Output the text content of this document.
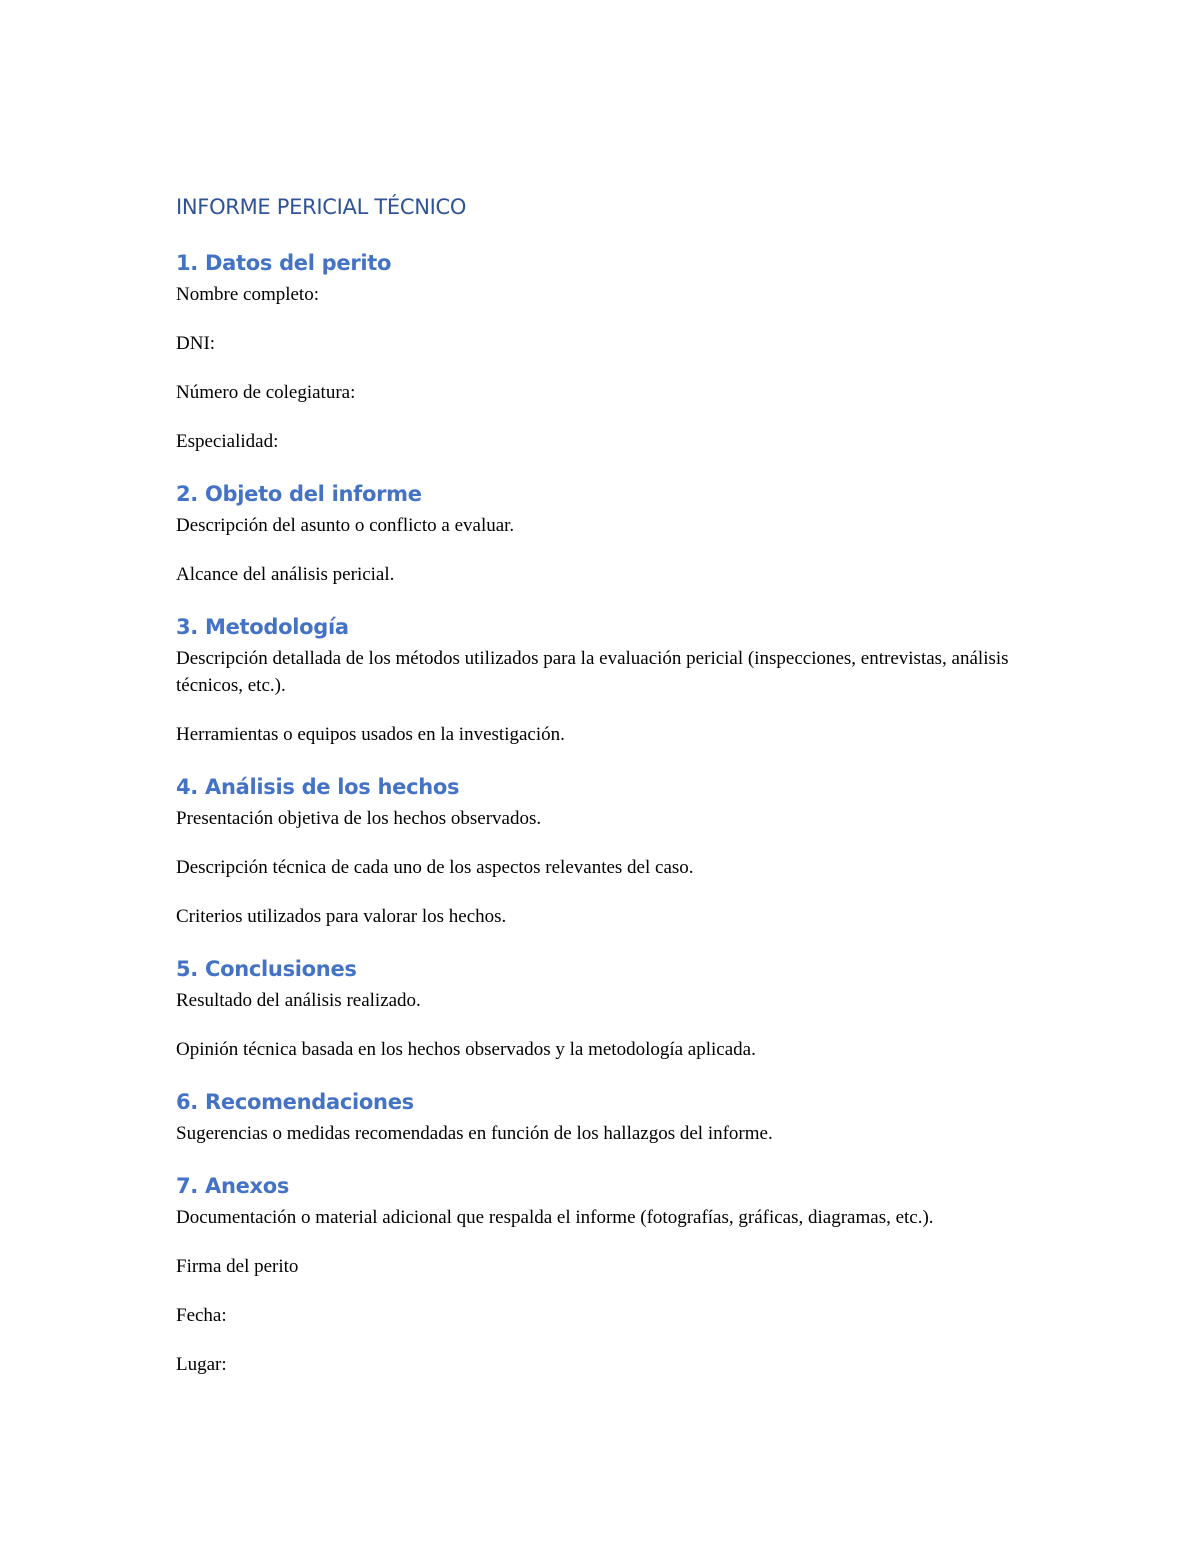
INFORME PERICIAL TÉCNICO
1. Datos del perito

Nombre completo:

DNI:

Número de colegiatura:

Especialidad:

2. Objeto del informe

Descripción del asunto o conflicto a evaluar.

Alcance del análisis pericial.

3. Metodología

Descripción detallada de los métodos utilizados para la evaluación pericial (inspecciones, entrevistas, análisis técnicos, etc.).

Herramientas o equipos usados en la investigación.

4. Análisis de los hechos

Presentación objetiva de los hechos observados.

Descripción técnica de cada uno de los aspectos relevantes del caso.

Criterios utilizados para valorar los hechos.

5. Conclusiones

Resultado del análisis realizado.

Opinión técnica basada en los hechos observados y la metodología aplicada.

6. Recomendaciones

Sugerencias o medidas recomendadas en función de los hallazgos del informe.

7. Anexos

Documentación o material adicional que respalda el informe (fotografías, gráficas, diagramas, etc.).

Firma del perito

Fecha:

Lugar:
